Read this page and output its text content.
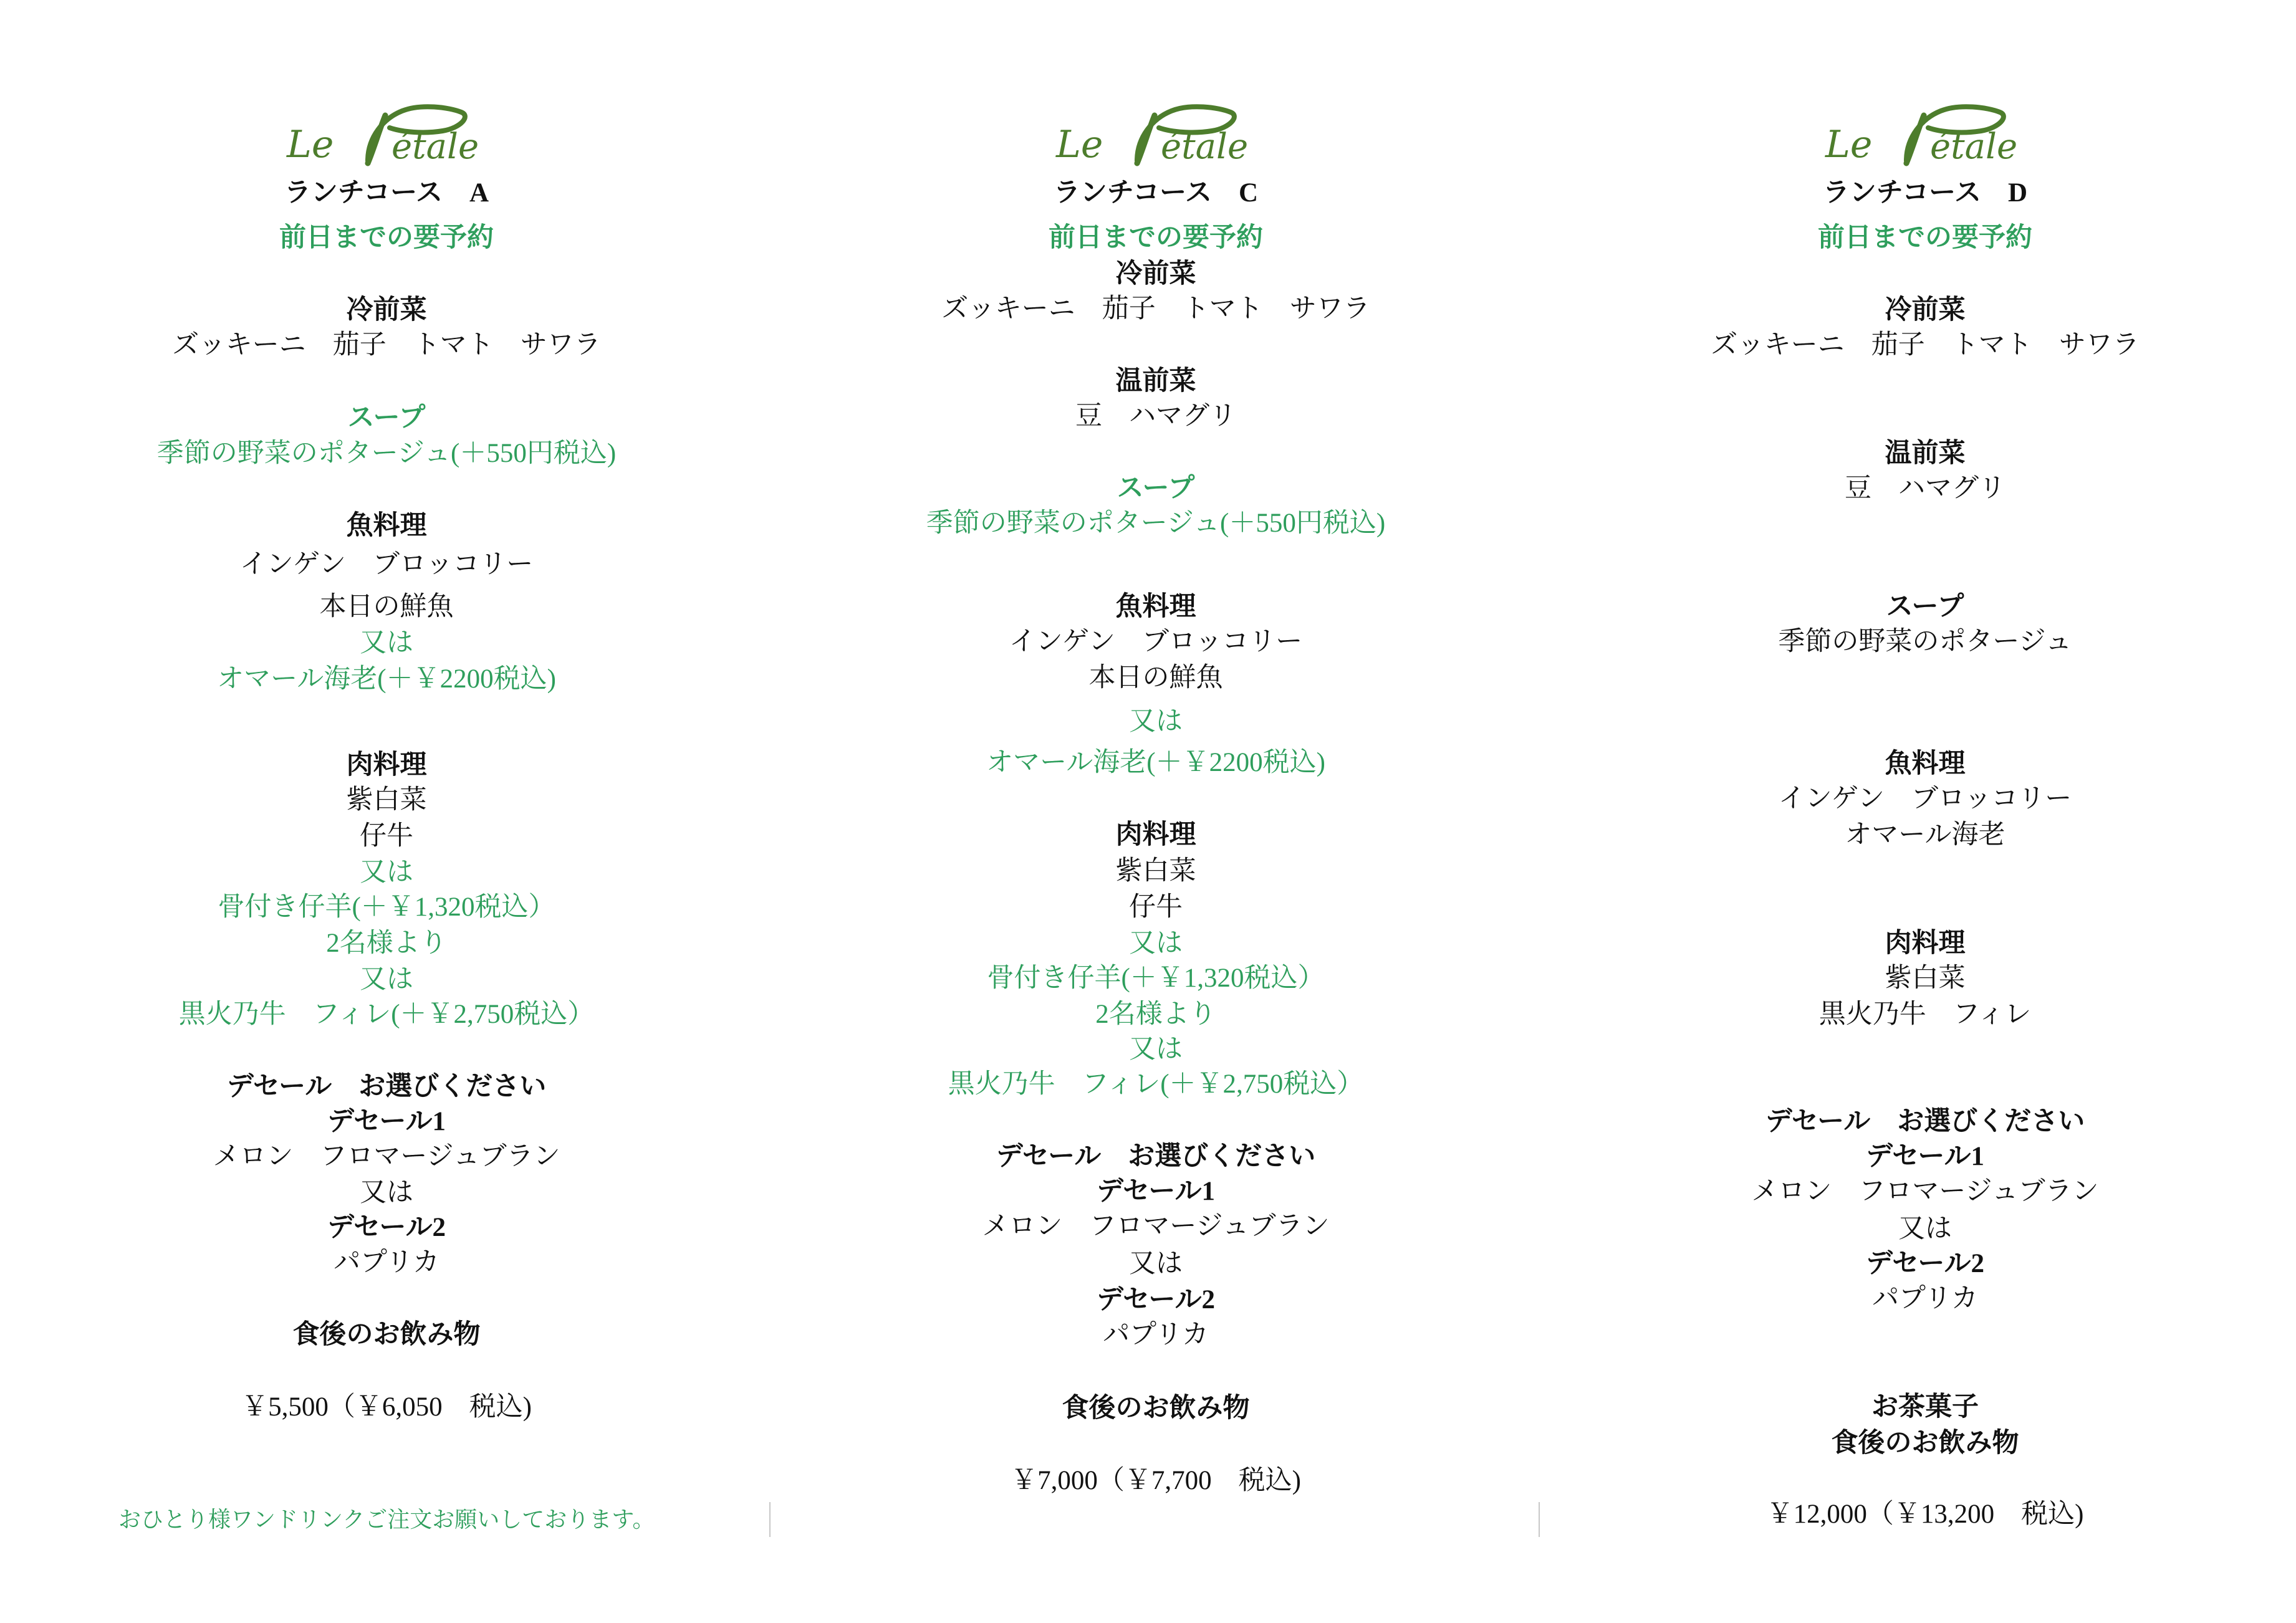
ランチコース　A
前日までの要予約
冷前菜
ズッキーニ　茄子　トマト　サワラ
スープ
季節の野菜のポタージュ(＋550円税込)
魚料理
インゲン　ブロッコリー
本日の鮮魚
又は
オマール海老(＋￥2200税込)
肉料理
紫白菜
仔牛
又は
骨付き仔羊(＋￥1,320税込）
2名様より
又は
黒火乃牛　フィレ(＋￥2,750税込）
デセール　お選びください
デセール1
メロン　フロマージュブラン
又は
デセール2
パプリカ
食後のお飲み物
￥5,500（￥6,050　税込)
おひとり様ワンドリンクご注文お願いしております。
ランチコース　C
前日までの要予約
冷前菜
ズッキーニ　茄子　トマト　サワラ
温前菜
豆　ハマグリ
スープ
季節の野菜のポタージュ(＋550円税込)
魚料理
インゲン　ブロッコリー
本日の鮮魚
又は
オマール海老(＋￥2200税込)
肉料理
紫白菜
仔牛
又は
骨付き仔羊(＋￥1,320税込）
2名様より
又は
黒火乃牛　フィレ(＋￥2,750税込）
デセール　お選びください
デセール1
メロン　フロマージュブラン
又は
デセール2
パプリカ
食後のお飲み物
￥7,000（￥7,700　税込)
ランチコース　D
前日までの要予約
冷前菜
ズッキーニ　茄子　トマト　サワラ
温前菜
豆　ハマグリ
スープ
季節の野菜のポタージュ
魚料理
インゲン　ブロッコリー
オマール海老
肉料理
紫白菜
黒火乃牛　フィレ
デセール　お選びください
デセール1
メロン　フロマージュブラン
又は
デセール2
パプリカ
お茶菓子
食後のお飲み物
￥12,000（￥13,200　税込)
